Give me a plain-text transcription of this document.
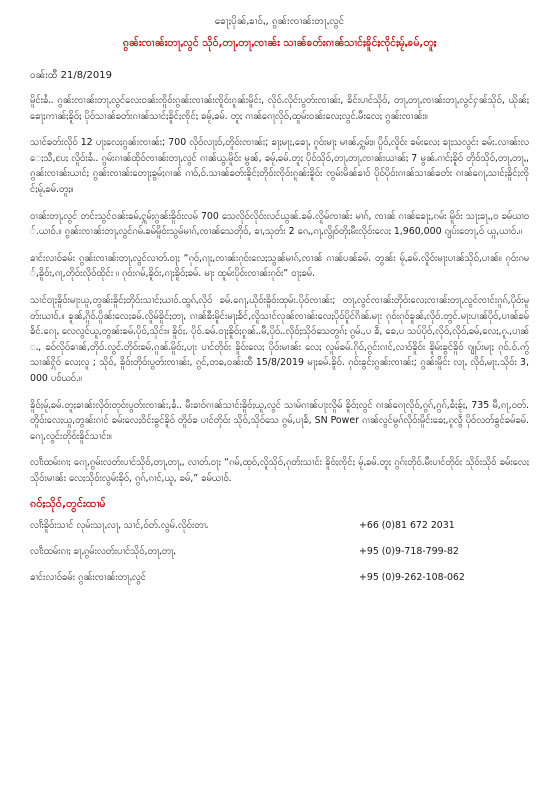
ၶေႃႈပိုၼ်ႇၶၢဝ်ႇ, ၵွၼ်းၸၢၼ်းတႃႇလွင်
ၵွၼ်းၸၢၼ်းတႃႇလွင် သိုဝ်,တႃႇတႃႇၸၢၼ်း သၢၼ်ၶတ်းၵၢၼ်သၢင်ႈၶိူင်ႈၸိုင်ႈမႂ်ႇၶမ်,တူႈ
ဝၼ်းထီ 21/8/2019

မိူင်းၶႆႉ. ၵွၼ်းၸၢၼ်းတႃႇလွင်လေးဝၼ်းၸိူဝ်းၵွၼ်းၸၢၼ်းၸိူဝ်းၵူၼ်းမိူင်း, လိုဝ်ႉလိုင်းပွတ်းၸၢၼ်း, ၶိင်းပၢင်သိုဝ်, တႃႇတႃႇၸၢၼ်းတႃႇလွင်ႁၼ်သိုဝ်, ယိုၼ်ႈၶေႃႈဢၢၼ်ႈၶိူဝ်ႈ ပိုဝ်သၢၼ်ၶတ်းၵၢၼ်သၢင်ႈၶိူင်ႈၸိုင်ႈ ၶမႂ်ႇၶမ်. တူႈ ၵၢၼ်ၵေႃလိုဝ်,ထူမ်းဝၼ်းလေႈလွင်ႉမီးလေႈ ၵွၼ်းၸၢၼ်း။

သၢင်ၶတ်းလိုဝ် 12 ပႃႈလေႈၵွၼ်းၸၢၼ်း; 700 လိုဝ်လႃႈဝ်,တိူဝ်းၸၢၼ်း; ၶႃႈမႃႈ,ၶေႃႇ ၵူဝ်းမႃႈ မၢၼ်ႇႁွမ်ႈ။ ပိူဝ်ႇလိူဝ်း ၶမ်းလေႈ ၶႃႈသလွင်း ၶမ်း.လၢၼ်းလေႈသီ,ပႄႈ လိူဝ်းၶႆႉ. ၵွမ်းၵၢၼ်ထိုဝ်ၸၢၼ်းတႃႇလွင် ၵၢၼ်ယွႉမိူဝ်း မွၼ်, ၶမႂ်ႇၶမ်.တူႈ ပိုဝ်သိုဝ်,တႃႇတႃႇၸၢၼ်းယၢၼ်ႈ 7 မွၼ်ႉၵၢင်ႈၶိူဝ် တိုဝ်သိုဝ်,တႃႇတႃႇ, ၵွၼ်းၸၢၼ်းယၢင်ႈ ၵွၼ်းၸၢၼ်းတေႃႈၶွမ်ႈၵၢၼ် ၵၢဝ်ႇဝ်.သၢၼ်ၶတ်းၶိူင်ႈတိုဝ်းၸိုဝ်းၵူၼ်းၶိူဝ်း ၸွမ်းမိၼ်ၶၢဝ် ပိုဝ်ပိုဝ်းၵၢၼ်သၢၼ်ၶတ်း ၵၢၼ်ၵေႃႇသၢင်ႈၶိူင်ႈၸိုင်ႈမႂ်ႇၶမ်.တူႈ။

ဝၢၼ်းတႃႇလွင် တင်းသွင်ဝၼ်းၶမ်ႇႁူမ်ႈၵွၼ်းၶိူဝ်းလမ် 700 သေလိုဝ်လိုဝ်းလင်ယွၼ်.ၶမ်.လိူမ်ၸၢၼ်း မၢၵ်, ၸၢၼ် ၵၢၼ်ၶေႃႈ,ၵမ်း မိူဝ်း သႃႈၶႃႇ,ဝ ၶမ်ယၢဝ်.ယၢဝ်.။ ၵွၼ်းၸၢၼ်းတႃႇလွင်ၵမ်ႉၶမ်မိူဝ်းသွမ်မၢၵ်,ၸၢၼ်သေတိုဝ်, ၶၢ,သုတ်း 2 ၵေႇ,ၵႃႇလွိုဝ်တိုႈမီးလိုဝ်းလေႈ 1,960,000 ၵျပ်းတေႃ,ဝ် ယူ,ယၢဝ်.။

ၶၢင်းလၢဝ်ၶမ်း ၵွၼ်းၸၢၼ်းတႃႇလွင်လၢတ်ႉဝႃႈ “ၵုဝ်,ၵႃႈ,ၸၢၼ်းၵုဝ်းလေႈသွၼ်မၢၵ်,ၸၢၼ် ၵၢၼ်ပၼ်ၶမ်. တွၼ်း မႂ်ႇၶမ်.လိူဝ်းမႃးပၢၼ်သိုဝ်,ပၢၼ်။ ၵုဝ်းၵမ်,ၶိူဝ်း,ၵႃ,တိုဝ်းလိုဝ်ထိုင်း ။ ၵုဝ်းၵမ်,ၶိူဝ်း,ၵႃႈၶိူဝ်ႈၶမ်. မႃး ထူမ်းပိုဝ်းၸၢၼ်းၵုဝ်း” ဝႃႈၶမ်.

သၢင်ဝႃႈၶိူဝ်းမႃးယူ,တွၼ်းၶိူင်ႈတိုဝ်းသၢင်ႈယၢဝ်.ထွၵ်ႇလိုဝ် ၶမ်.ၵေႃ,ယိုဝ်းၶိူဝ်းထုမ်း.ပိုဝ်ၸၢၼ်း; တႃႇလွင်ၸၢၼ်းတိုဝ်းလေႈၸၢၼ်းတႃႇလွင်ၸၢင်းၵူၵ်,ပိုဝ်းမူတ်းယၢဝ်.။ ၶူၼ်ႇၵိူဝ်ႉပိူၼ်းလေႈၶမ်.လိူမ်ၶိူင်ႈတႃႇ ၵၢၼ်ၶီးမိူင်းမႃႈၶႅင်,လိူသၢင်လုၼ်ၸၢၼ်းလေႈပိုဝ်ပိူင်ၵိၼ်ႉမႃး ၵုဝ်းၵုဝ်ၶူၼ်ႇလိုဝ်.တွင်.မႃးပၢၼ်ပိုဝ်,ပၢၼ်ၶမ်ၶႅင်.ၵေႃႇ လေလွင်ယူ,တွၼ်းၶမ်.ပိုဝ်,သိုင်း။ ၶိူဝ်ႈ. ပိုဝ်.ၶမ်.ဝႃႈၶိူဝ်ႈၵူၼ်ႉ.မီ,ပိုဝ်ႉ.လိုဝ်ႈသိုဝ်သေတွၵ်ႈ ၵွမ်ႉ,ပ ၶဵ, ၶေ,ပ သပ်ပိုဝ်,လိုဝ်,လိုဝ်ႇၶမ်,လေႈ,ၵူႉ,ပၢၼ်ႉ, ၶဝ်လိုဝ်ၶၢၼ်,တိုဝ်.လွင်ႉတိုဝ်းၶမ်.ၵူၼ်ႉမိူဝ်း,ပႃး ပၢင်တိုဝ်း ၶိူဝ်းလေႈ ပိုဝ်းမၢၼ်း လေႈ လူမ်ၶမ်.ၵိုဝ်,ၵွင်းၵၢင်,လၢဝ်ၶိူဝ်း ၶိူမ်းၶွင်ၶိူဝ် ၵျုပ်းမႃႈ ၵုဝ်.ဝ်.ဢွ် သၢၼ်ႁိုဝ် လေႈလူ ; သိုဝ်, ၶိူဝ်းတိုဝ်းပွတ်းၸၢၼ်း, ၵွင်,တၶ,ဝၼ်းထီ 15/8/2019 မႃႈၶမ်.ၶိူဝ်. ၵုဝ်းၶွင်ႈၵွၼ်းၸၢၼ်း; ၵွၼ်းမိူင်း လႃႇ လိုဝ်ႇမႃး.သိုဝ်း 3,000 ပဝ်ယဝ်.။

ၶိူဝ်ႈမႂ်ႇၶမ်.တူႈၶၢၼ်းလိုဝ်းတုဝ်းပွတ်းၸၢၼ်း,ၶႆႉ. မီးၶၢဝ်ၵၢၼ်သၢင်းၶိူဝ်ႈယူ,လွင် သၢမ်ၵၢၼ်ပႃးလိူမ် ၶိူဝ်ႈလွင် ၵၢၼ်ၵေႃလိုဝ်,ၵွၵ်,ၵွၵ်,ၶႆႈၶႂ်ႈ, 735 မီ,ၵႃ,ဝတ်. တိူဝ်းလေႈယူ,တွၼ်းၵၢင် ၶမ်းလေႈဝိင်းၶွင်ၶိူဝ် တိူဝ်ၶ ပၢင်တိုဝ်း သိုဝ်,သိုဝ်သေ ၵွမ်,ပႃၶႅ, SN Power ၵၢၼ်လွင်မွၵ်လိုဝ်းမိူင်းၶေႈ,ၵူလွဵ ပိုဝ်လတ်ၶွင်ၶမ်ၶမ်. ၵေႃ,လွင်းတိုဝ်းၶိူင်သၢင်း။

လၢဵးထမ်းၵၢႈ ၵေႃ,ၵွမ်းလတ်းပၢင်သိုဝ်,တႃႇတႃႇ, လၢတ်ႉဝႃႈ “ၵမ်,ထုဝ်,လိူသိုဝ်,ၵုတ်းသၢင်း ၶိူဝ်ႈၸိုင်ႈ မႂ်ႇၶမ်.တူႈ ၵွၵ်းတိုဝ်.မီးပၢင်တိုဝ်း သိုဝ်းသိုဝ် ၶမ်းလေႈသိုဝ်းမၢၼ်း လေႈသိုဝ်းလွမ်းၶိုဝ်, ၵွၵ်,ၵၢင်,ယူ, ၶမ်,” ၶမ်ယၢဝ်.

ၵဝ်ႈသိုဝ်,တွင်းထၢမ်
လၢဵးၶိူဝ်းသၢင် လုမ်းသႃႇလႃႇ သၢင်,ဝ်တ်.လွမ်.လိုဝ်းတၢႉ	+66 (0)81 672 2031
လၢဵးထမ်းၵၢႈ ၶႃႇၵွမ်းလတ်းပၢင်သိုဝ်,တႃႇတႃႇ	+95 (0)9-718-799-82
ၶၢင်းလၢဝ်ၶမ်း ၵွၼ်းၸၢၼ်းတႃႇလွင်	+95 (0)9-262-108-062
